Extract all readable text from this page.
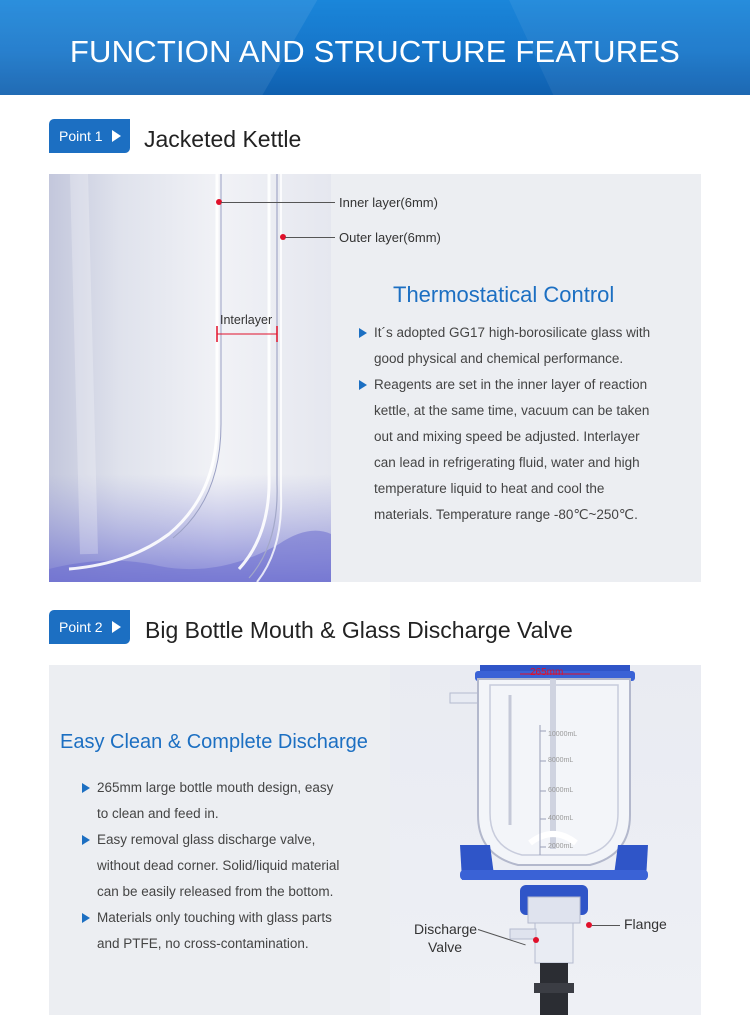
FUNCTION AND STRUCTURE FEATURES
Point 1	Jacketed Kettle
Interlayer
Inner layer(6mm)
Outer layer(6mm)
Thermostatical Control
It´s adopted GG17 high-borosilicate glass with
good physical and chemical performance.
Reagents are set in the inner layer of reaction
kettle, at the same time, vacuum can be taken
out and mixing speed be adjusted. Interlayer
can lead in refrigerating fluid, water and high
temperature liquid to heat and cool the
materials. Temperature range -80℃~250℃.
Point 2	Big Bottle Mouth & Glass Discharge Valve
Easy Clean & Complete Discharge
265mm large bottle mouth design, easy
to clean and feed in.
Easy removal glass discharge valve,
without dead corner. Solid/liquid material
can be easily released from the bottom.
Materials only touching with glass parts
and PTFE, no cross-contamination.
265mm
10000mL
8000mL
6000mL
4000mL
2000mL
Discharge
Valve
Flange
